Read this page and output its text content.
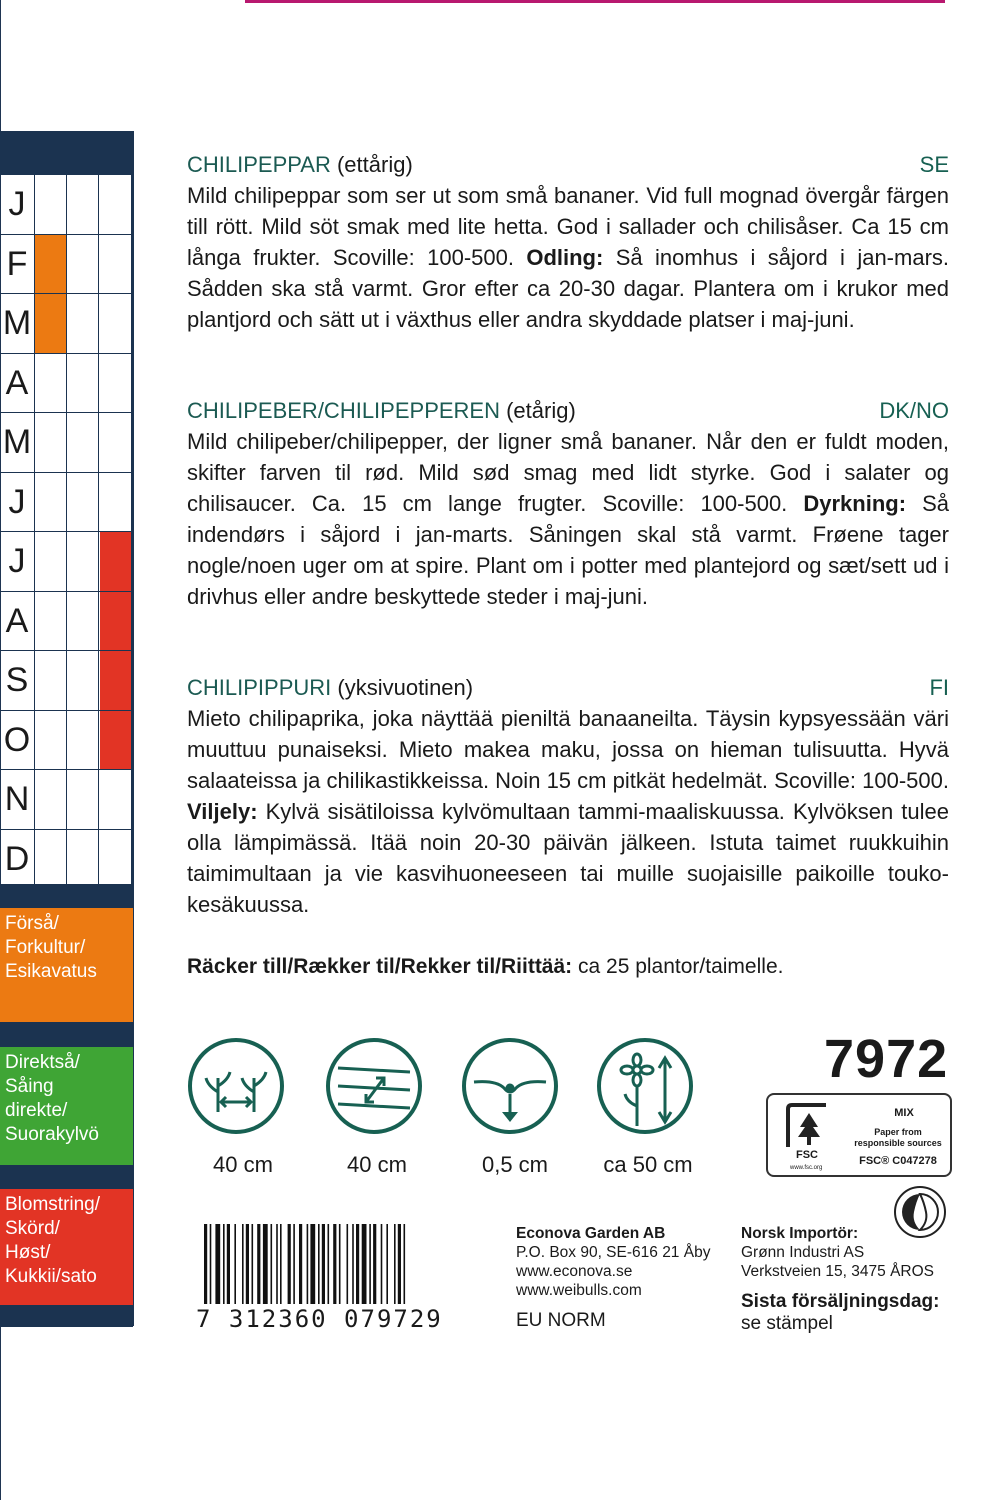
J
F
M
A
M
J
J
A
S
O
N
D
Förså/
Forkultur/
Esikavatus
Direktså/
Såing
direkte/
Suorakylvö
Blomstring/
Skörd/
Høst/
Kukkii/sato
CHILIPEPPAR (ettårig)	SE
Mild chilipeppar som ser ut som små bananer. Vid full mognad övergår färgen till rött. Mild söt smak med lite hetta. God i sallader och chilisåser. Ca 15 cm långa frukter. Scoville: 100-500. Odling: Så inomhus i såjord i jan-mars. Sådden ska stå varmt. Gror efter ca 20-30 dagar. Plantera om i krukor med plantjord och sätt ut i växthus eller andra skyddade platser i maj-juni.
CHILIPEBER/CHILIPEPPEREN (etårig)	DK/NO
Mild chilipeber/chilipepper, der ligner små bananer. Når den er fuldt moden, skifter farven til rød. Mild sød smag med lidt styrke. God i salater og chilisaucer. Ca. 15 cm lange frugter. Scoville: 100-500. Dyrkning: Så indendørs i såjord i jan-marts. Såningen skal stå varmt. Frøene tager nogle/noen uger om at spire. Plant om i potter med plantejord og sæt/sett ud i drivhus eller andre beskyttede steder i maj-juni.
CHILIPIPPURI (yksivuotinen)	FI
Mieto chilipaprika, joka näyttää pieniltä banaaneilta. Täysin kypsyessään väri muuttuu punaiseksi. Mieto makea maku, jossa on hieman tulisuutta. Hyvä salaateissa ja chilikastikkeissa. Noin 15 cm pitkät hedelmät. Scoville: 100-500. Viljely: Kylvä sisätiloissa kylvömultaan tammi-maaliskuussa. Kylvöksen tulee olla lämpimässä. Itää noin 20-30 päivän jälkeen. Istuta taimet ruukkuihin taimimultaan ja vie kasvihuoneeseen tai muille suojaisille paikoille touko-kesäkuussa.
Räcker till/Rækker til/Rekker til/Riittää: ca 25 plantor/taimelle.
40 cm	40 cm	0,5 cm	ca 50 cm
7972
MIX
Paper from responsible sources
FSC
www.fsc.org
FSC® C047278
7 312360 079729
Econova Garden AB
P.O. Box 90, SE-616 21 Åby
www.econova.se
www.weibulls.com
EU NORM
Norsk Importör:
Grønn Industri AS
Verkstveien 15, 3475 ÅROS
Sista försäljningsdag:
se stämpel
